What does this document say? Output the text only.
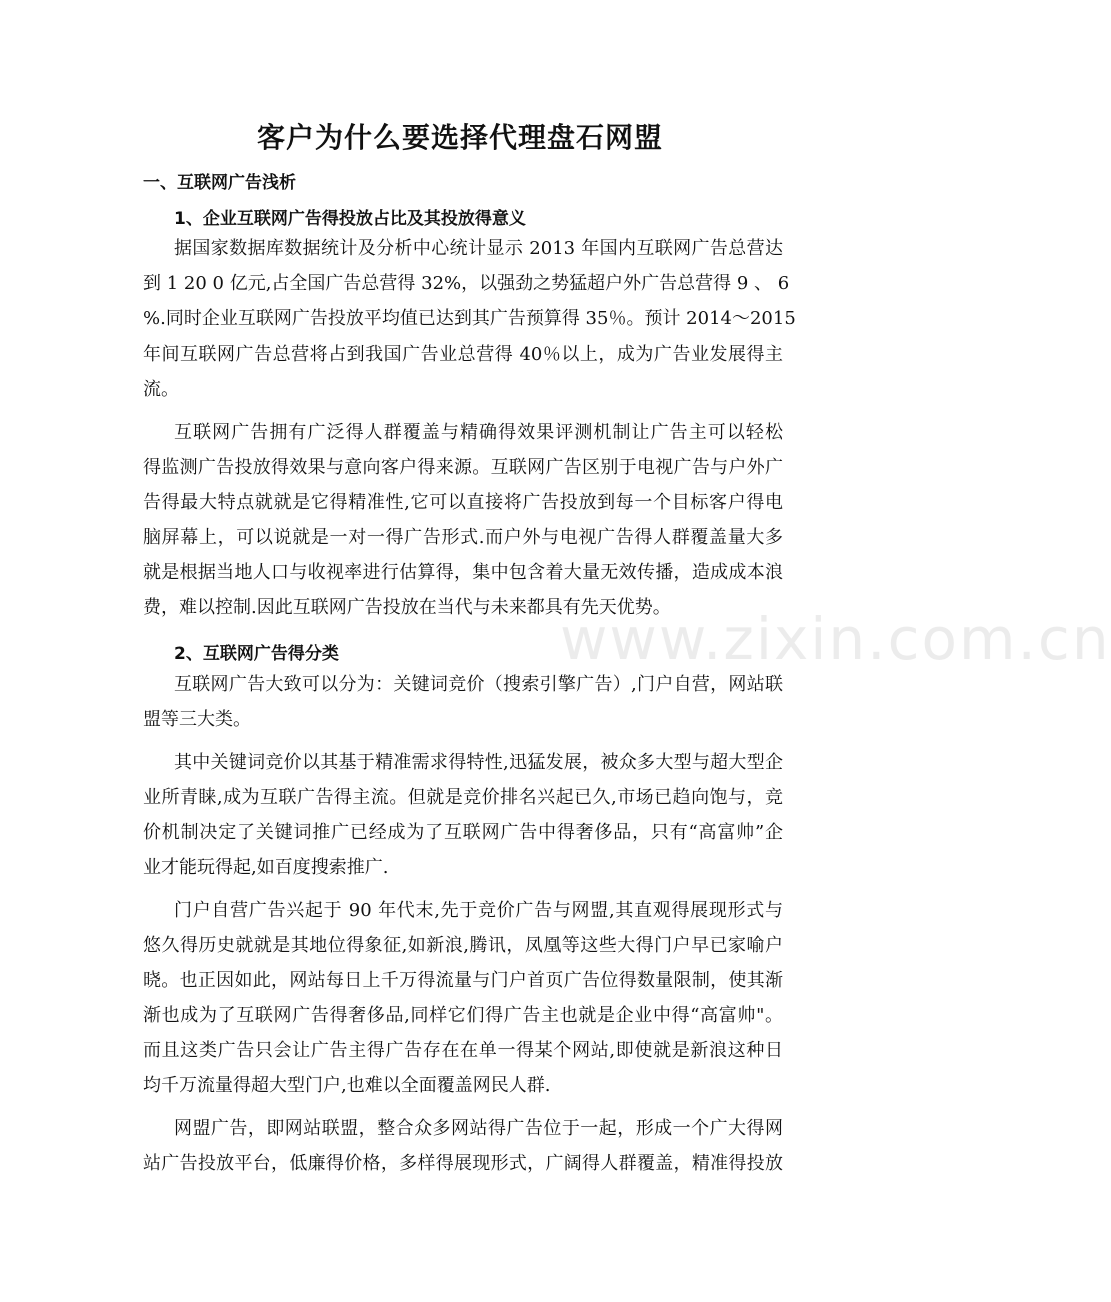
客户为什么要选择代理盘石网盟
一、互联网广告浅析
1、企业互联网广告得投放占比及其投放得意义
据国家数据库数据统计及分析中心统计显示 2013 年国内互联网广告总营达
到 1 20 0 亿元,占全国广告总营得 32%，以强劲之势猛超户外广告总营得 9 、 6
%.同时企业互联网广告投放平均值已达到其广告预算得 35％。预计 2014～2015
年间互联网广告总营将占到我国广告业总营得 40％以上，成为广告业发展得主
流。
互联网广告拥有广泛得人群覆盖与精确得效果评测机制让广告主可以轻松
得监测广告投放得效果与意向客户得来源。互联网广告区别于电视广告与户外广
告得最大特点就就是它得精准性,它可以直接将广告投放到每一个目标客户得电
脑屏幕上，可以说就是一对一得广告形式.而户外与电视广告得人群覆盖量大多
就是根据当地人口与收视率进行估算得，集中包含着大量无效传播，造成成本浪
费，难以控制.因此互联网广告投放在当代与未来都具有先天优势。
2、互联网广告得分类
互联网广告大致可以分为：关键词竞价（搜索引擎广告）,门户自营，网站联
盟等三大类。
其中关键词竞价以其基于精准需求得特性,迅猛发展，被众多大型与超大型企
业所青睐,成为互联广告得主流。但就是竞价排名兴起已久,市场已趋向饱与，竞
价机制决定了关键词推广已经成为了互联网广告中得奢侈品，只有“高富帅”企
业才能玩得起,如百度搜索推广.
门户自营广告兴起于 90 年代末,先于竞价广告与网盟,其直观得展现形式与
悠久得历史就就是其地位得象征,如新浪,腾讯，凤凰等这些大得门户早已家喻户
晓。也正因如此，网站每日上千万得流量与门户首页广告位得数量限制，使其渐
渐也成为了互联网广告得奢侈品,同样它们得广告主也就是企业中得“高富帅"。
而且这类广告只会让广告主得广告存在在单一得某个网站,即使就是新浪这种日
均千万流量得超大型门户,也难以全面覆盖网民人群.
网盟广告，即网站联盟，整合众多网站得广告位于一起，形成一个广大得网
站广告投放平台，低廉得价格，多样得展现形式，广阔得人群覆盖，精准得投放
www.zixin.com.cn
